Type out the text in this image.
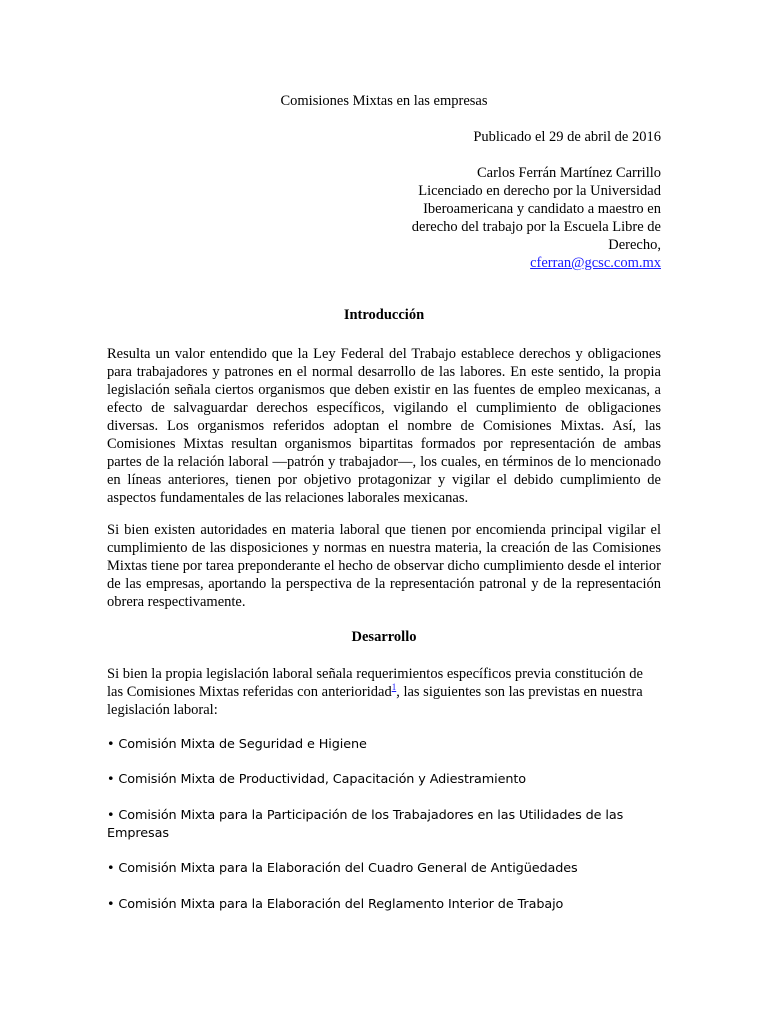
Comisiones Mixtas en las empresas
Publicado el 29 de abril de 2016
Carlos Ferrán Martínez Carrillo
Licenciado en derecho por la Universidad
Iberoamericana y candidato a maestro en
derecho del trabajo por la Escuela Libre de
Derecho,
cferran@gcsc.com.mx
Introducción
Resulta un valor entendido que la Ley Federal del Trabajo establece derechos y obligaciones para trabajadores y patrones en el normal desarrollo de las labores. En este sentido, la propia legislación señala ciertos organismos que deben existir en las fuentes de empleo mexicanas, a efecto de salvaguardar derechos específicos, vigilando el cumplimiento de obligaciones diversas. Los organismos referidos adoptan el nombre de Comisiones Mixtas. Así, las Comisiones Mixtas resultan organismos bipartitas formados por representación de ambas partes de la relación laboral —patrón y trabajador—, los cuales, en términos de lo mencionado en líneas anteriores, tienen por objetivo protagonizar y vigilar el debido cumplimiento de aspectos fundamentales de las relaciones laborales mexicanas.
Si bien existen autoridades en materia laboral que tienen por encomienda principal vigilar el cumplimiento de las disposiciones y normas en nuestra materia, la creación de las Comisiones Mixtas tiene por tarea preponderante el hecho de observar dicho cumplimiento desde el interior de las empresas, aportando la perspectiva de la representación patronal y de la representación obrera respectivamente.
Desarrollo
Si bien la propia legislación laboral señala requerimientos específicos previa constitución de las Comisiones Mixtas referidas con anterioridad$^1$, las siguientes son las previstas en nuestra legislación laboral:
• Comisión Mixta de Seguridad e Higiene
• Comisión Mixta de Productividad, Capacitación y Adiestramiento
• Comisión Mixta para la Participación de los Trabajadores en las Utilidades de las Empresas
• Comisión Mixta para la Elaboración del Cuadro General de Antigüedades
• Comisión Mixta para la Elaboración del Reglamento Interior de Trabajo
